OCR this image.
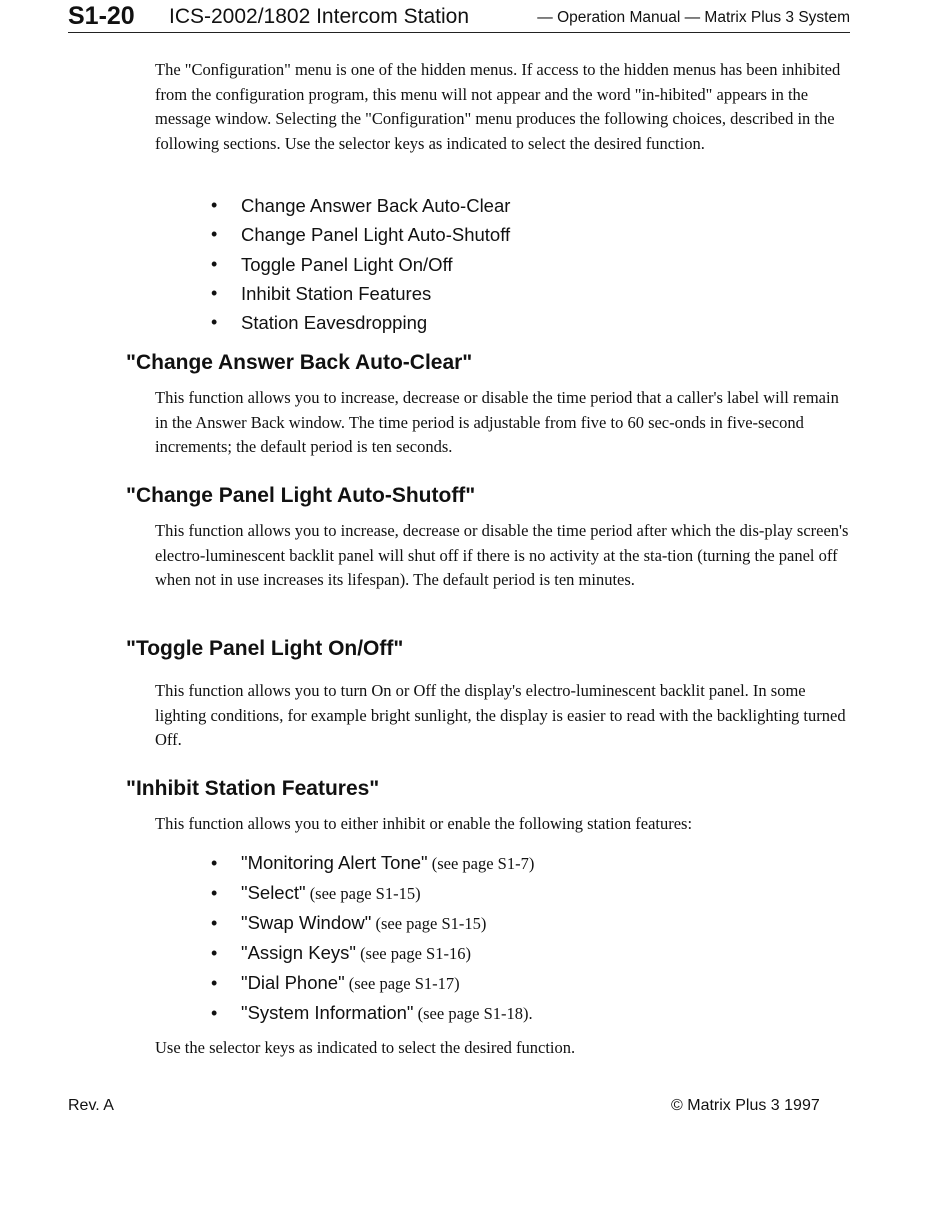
S1-20 ICS-2002/1802 Intercom Station	— Operation Manual — Matrix Plus 3 System

The "Configuration" menu is one of the hidden menus. If access to the hidden menus has been inhibited from the configuration program, this menu will not appear and the word "in-hibited" appears in the message window. Selecting the "Configuration" menu produces the following choices, described in the following sections. Use the selector keys as indicated to select the desired function.

• Change Answer Back Auto-Clear
• Change Panel Light Auto-Shutoff
• Toggle Panel Light On/Off
• Inhibit Station Features
• Station Eavesdropping
"Change Answer Back Auto-Clear"

This function allows you to increase, decrease or disable the time period that a caller's label will remain in the Answer Back window. The time period is adjustable from five to 60 sec-onds in five-second increments; the default period is ten seconds.

"Change Panel Light Auto-Shutoff"

This function allows you to increase, decrease or disable the time period after which the dis-play screen's electro-luminescent backlit panel will shut off if there is no activity at the sta-tion (turning the panel off when not in use increases its lifespan). The default period is ten minutes.

"Toggle Panel Light On/Off"

This function allows you to turn On or Off the display's electro-luminescent backlit panel. In some lighting conditions, for example bright sunlight, the display is easier to read with the backlighting turned Off.

"Inhibit Station Features"

This function allows you to either inhibit or enable the following station features:

• "Monitoring Alert Tone" (see page S1-7)
• "Select" (see page S1-15)
• "Swap Window" (see page S1-15)
• "Assign Keys" (see page S1-16)
• "Dial Phone" (see page S1-17)
• "System Information" (see page S1-18).

Use the selector keys as indicated to select the desired function.

Rev. A	© Matrix Plus 3 1997
